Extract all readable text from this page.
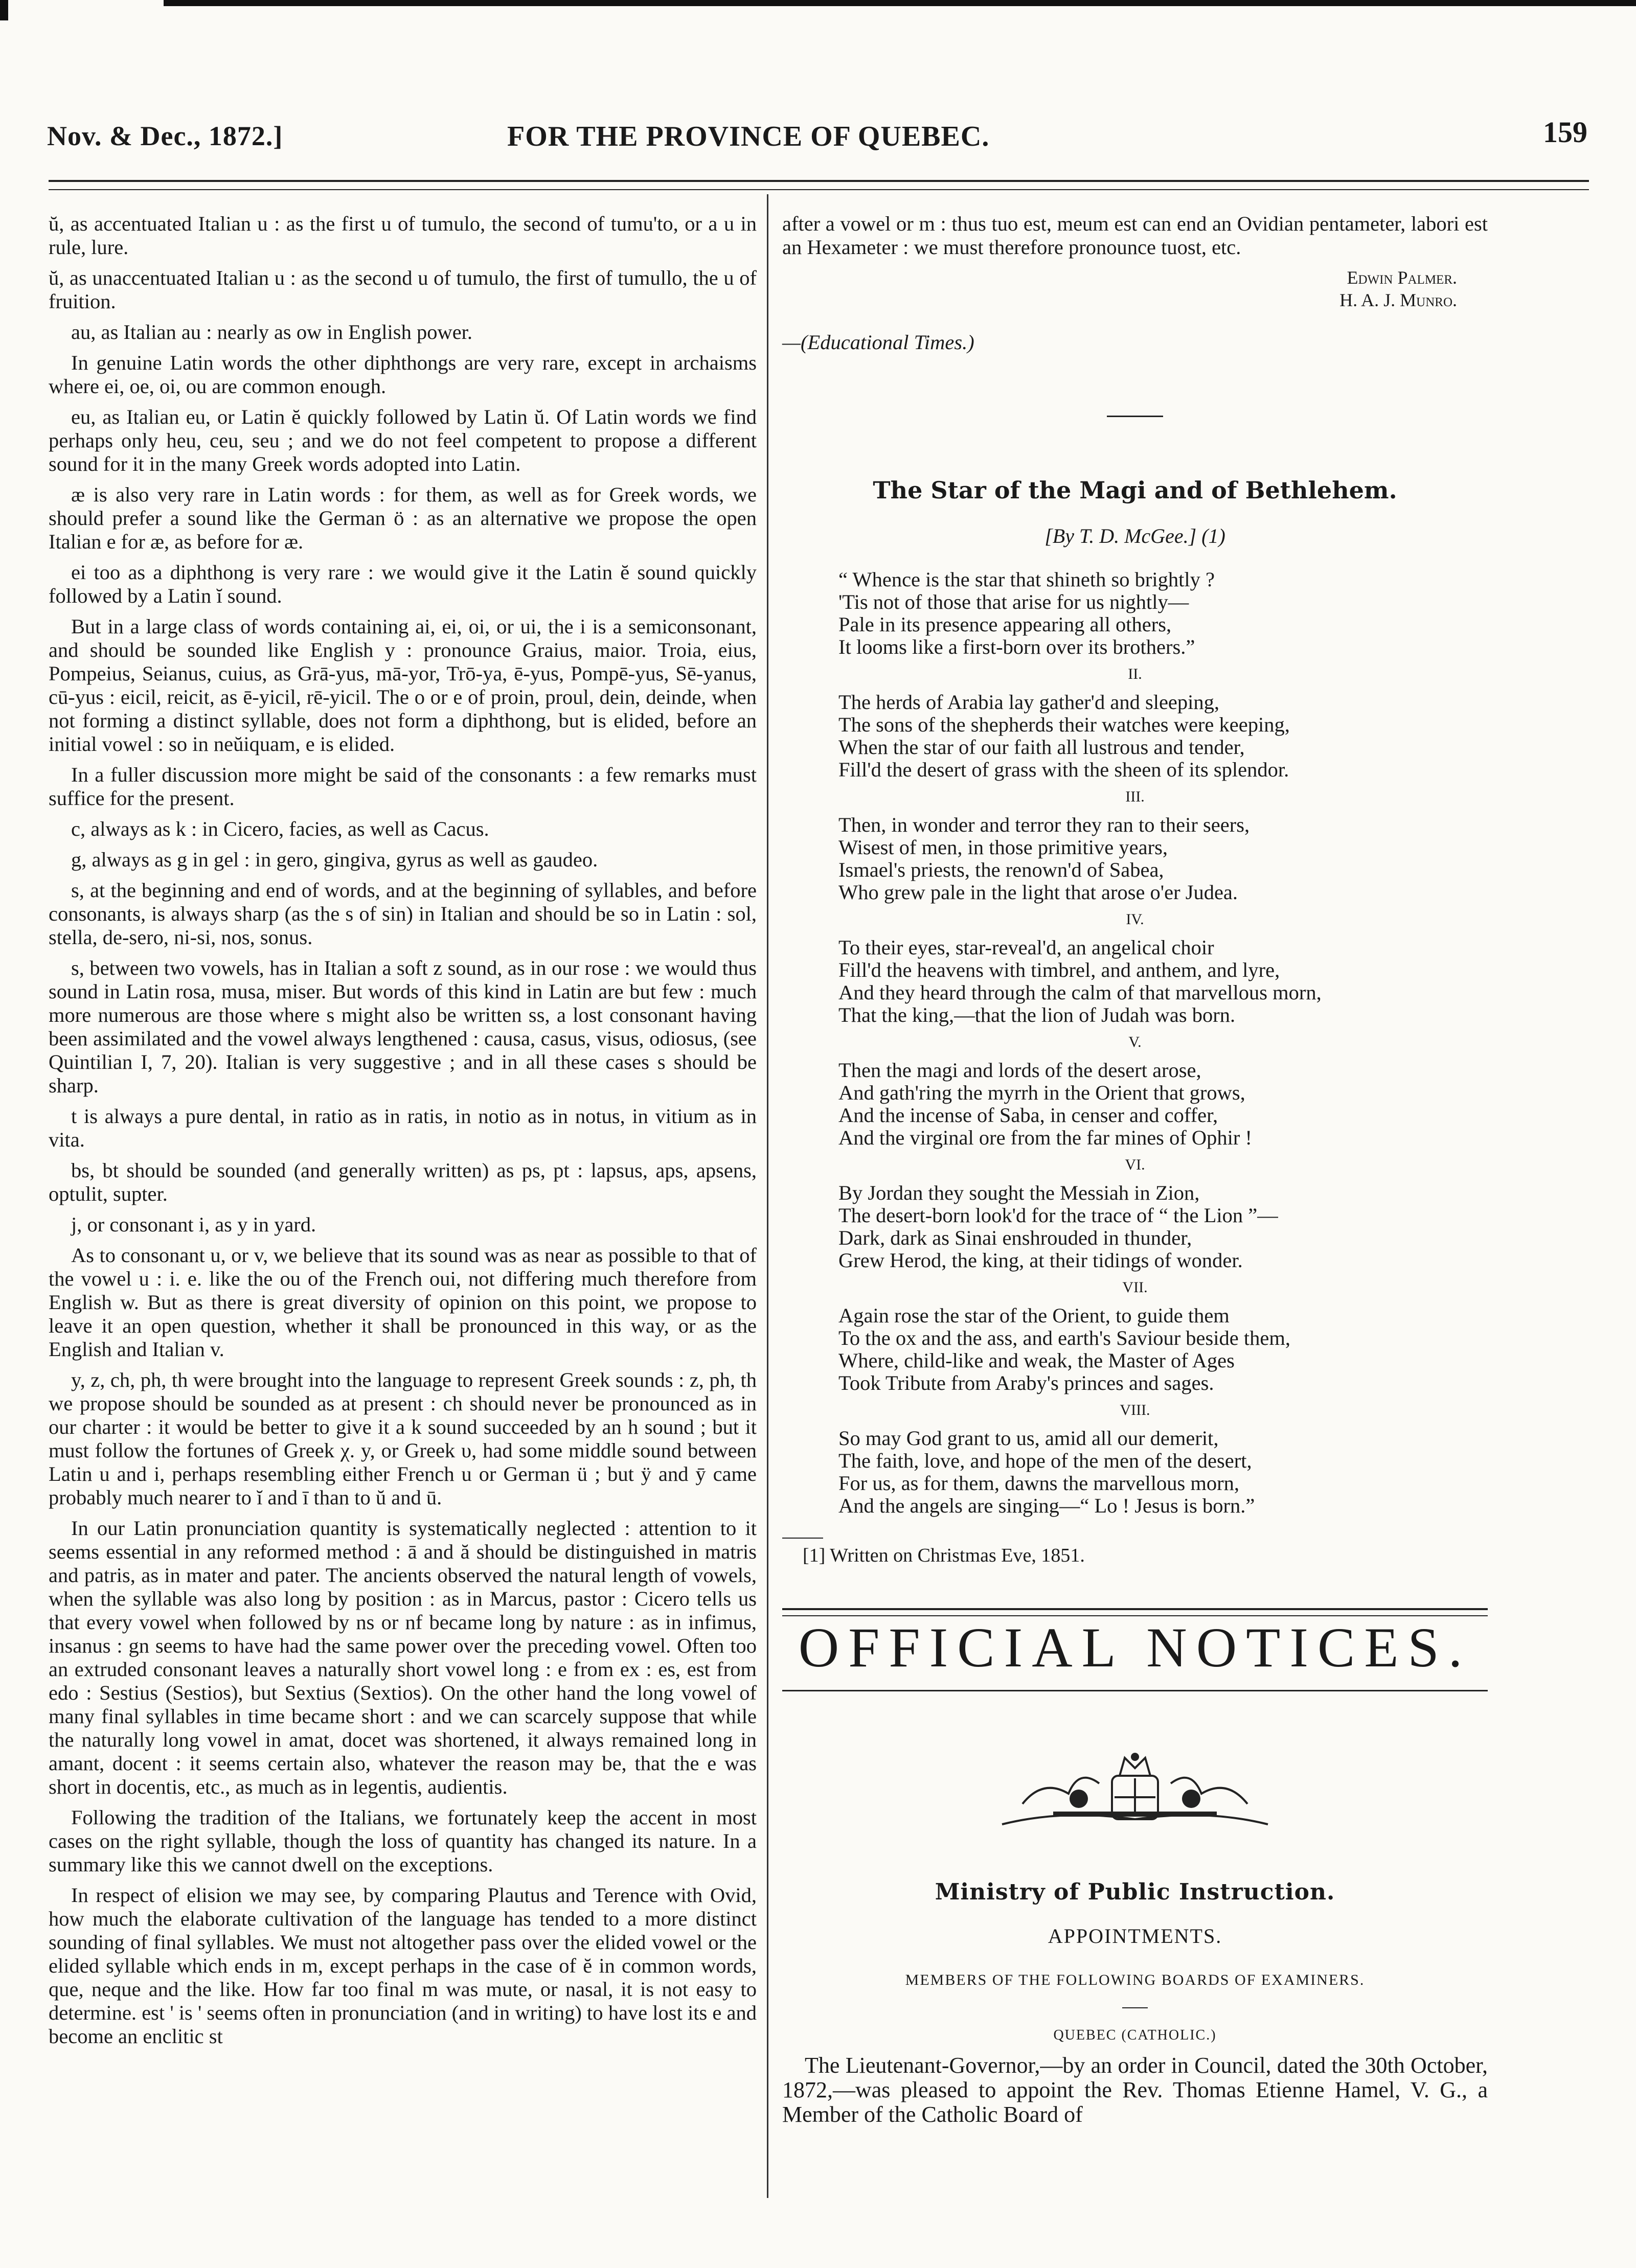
Nov. & Dec., 1872.]	FOR THE PROVINCE OF QUEBEC.	159

ŭ, as accentuated Italian u : as the first u of tumulo, the second of tumu'to, or a u in rule, lure.

ŭ, as unaccentuated Italian u : as the second u of tumulo, the first of tumullo, the u of fruition.

au, as Italian au : nearly as ow in English power.

In genuine Latin words the other diphthongs are very rare, except in archaisms where ei, oe, oi, ou are common enough.

eu, as Italian eu, or Latin ĕ quickly followed by Latin ŭ. Of Latin words we find perhaps only heu, ceu, seu ; and we do not feel competent to propose a different sound for it in the many Greek words adopted into Latin.

æ is also very rare in Latin words : for them, as well as for Greek words, we should prefer a sound like the German ö : as an alternative we propose the open Italian e for æ, as before for æ.

ei too as a diphthong is very rare : we would give it the Latin ĕ sound quickly followed by a Latin ĭ sound.

But in a large class of words containing ai, ei, oi, or ui, the i is a semiconsonant, and should be sounded like English y : pronounce Graius, maior. Troia, eius, Pompeius, Seianus, cuius, as Grā-yus, mā-yor, Trō-ya, ē-yus, Pompē-yus, Sē-yanus, cū-yus : eicil, reicit, as ē-yicil, rē-yicil. The o or e of proin, proul, dein, deinde, when not forming a distinct syllable, does not form a diphthong, but is elided, before an initial vowel : so in neŭiquam, e is elided.

In a fuller discussion more might be said of the consonants : a few remarks must suffice for the present.

c, always as k : in Cicero, facies, as well as Cacus.

g, always as g in gel : in gero, gingiva, gyrus as well as gaudeo.

s, at the beginning and end of words, and at the beginning of syllables, and before consonants, is always sharp (as the s of sin) in Italian and should be so in Latin : sol, stella, de-sero, ni-si, nos, sonus.

s, between two vowels, has in Italian a soft z sound, as in our rose : we would thus sound in Latin rosa, musa, miser. But words of this kind in Latin are but few : much more numerous are those where s might also be written ss, a lost consonant having been assimilated and the vowel always lengthened : causa, casus, visus, odiosus, (see Quintilian I, 7, 20). Italian is very suggestive ; and in all these cases s should be sharp.

t is always a pure dental, in ratio as in ratis, in notio as in notus, in vitium as in vita.

bs, bt should be sounded (and generally written) as ps, pt : lapsus, aps, apsens, optulit, supter.

j, or consonant i, as y in yard.

As to consonant u, or v, we believe that its sound was as near as possible to that of the vowel u : i. e. like the ou of the French oui, not differing much therefore from English w. But as there is great diversity of opinion on this point, we propose to leave it an open question, whether it shall be pronounced in this way, or as the English and Italian v.

y, z, ch, ph, th were brought into the language to represent Greek sounds : z, ph, th we propose should be sounded as at present : ch should never be pronounced as in our charter : it would be better to give it a k sound succeeded by an h sound ; but it must follow the fortunes of Greek χ. y, or Greek υ, had some middle sound between Latin u and i, perhaps resembling either French u or German ü ; but ÿ and ȳ came probably much nearer to ĭ and ī than to ŭ and ū.

In our Latin pronunciation quantity is systematically neglected : attention to it seems essential in any reformed method : ā and ă should be distinguished in matris and patris, as in mater and pater. The ancients observed the natural length of vowels, when the syllable was also long by position : as in Marcus, pastor : Cicero tells us that every vowel when followed by ns or nf became long by nature : as in infimus, insanus : gn seems to have had the same power over the preceding vowel. Often too an extruded consonant leaves a naturally short vowel long : e from ex : es, est from edo : Sestius (Sestios), but Sextius (Sextios). On the other hand the long vowel of many final syllables in time became short : and we can scarcely suppose that while the naturally long vowel in amat, docet was shortened, it always remained long in amant, docent : it seems certain also, whatever the reason may be, that the e was short in docentis, etc., as much as in legentis, audientis.

Following the tradition of the Italians, we fortunately keep the accent in most cases on the right syllable, though the loss of quantity has changed its nature. In a summary like this we cannot dwell on the exceptions.

In respect of elision we may see, by comparing Plautus and Terence with Ovid, how much the elaborate cultivation of the language has tended to a more distinct sounding of final syllables. We must not altogether pass over the elided vowel or the elided syllable which ends in m, except perhaps in the case of ĕ in common words, que, neque and the like. How far too final m was mute, or nasal, it is not easy to determine. est ' is ' seems often in pronunciation (and in writing) to have lost its e and become an enclitic st

after a vowel or m : thus tuo est, meum est can end an Ovidian pentameter, labori est an Hexameter : we must therefore pronounce tuost, etc.

Edwin Palmer.
H. A. J. Munro.
—(Educational Times.)
The Star of the Magi and of Bethlehem.
[By T. D. McGee.] (1)
“ Whence is the star that shineth so brightly ?
'Tis not of those that arise for us nightly—
Pale in its presence appearing all others,
It looms like a first-born over its brothers.”
II.
The herds of Arabia lay gather'd and sleeping,
The sons of the shepherds their watches were keeping,
When the star of our faith all lustrous and tender,
Fill'd the desert of grass with the sheen of its splendor.
III.
Then, in wonder and terror they ran to their seers,
Wisest of men, in those primitive years,
Ismael's priests, the renown'd of Sabea,
Who grew pale in the light that arose o'er Judea.
IV.
To their eyes, star-reveal'd, an angelical choir
Fill'd the heavens with timbrel, and anthem, and lyre,
And they heard through the calm of that marvellous morn,
That the king,—that the lion of Judah was born.
V.
Then the magi and lords of the desert arose,
And gath'ring the myrrh in the Orient that grows,
And the incense of Saba, in censer and coffer,
And the virginal ore from the far mines of Ophir !
VI.
By Jordan they sought the Messiah in Zion,
The desert-born look'd for the trace of “ the Lion ”—
Dark, dark as Sinai enshrouded in thunder,
Grew Herod, the king, at their tidings of wonder.
VII.
Again rose the star of the Orient, to guide them
To the ox and the ass, and earth's Saviour beside them,
Where, child-like and weak, the Master of Ages
Took Tribute from Araby's princes and sages.
VIII.
So may God grant to us, amid all our demerit,
The faith, love, and hope of the men of the desert,
For us, as for them, dawns the marvellous morn,
And the angels are singing—“ Lo ! Jesus is born.”
[1] Written on Christmas Eve, 1851.
OFFICIAL NOTICES.
Ministry of Public Instruction.
APPOINTMENTS.
MEMBERS OF THE FOLLOWING BOARDS OF EXAMINERS.
QUEBEC (CATHOLIC.)

The Lieutenant-Governor,—by an order in Council, dated the 30th October, 1872,—was pleased to appoint the Rev. Thomas Etienne Hamel, V. G., a Member of the Catholic Board of
